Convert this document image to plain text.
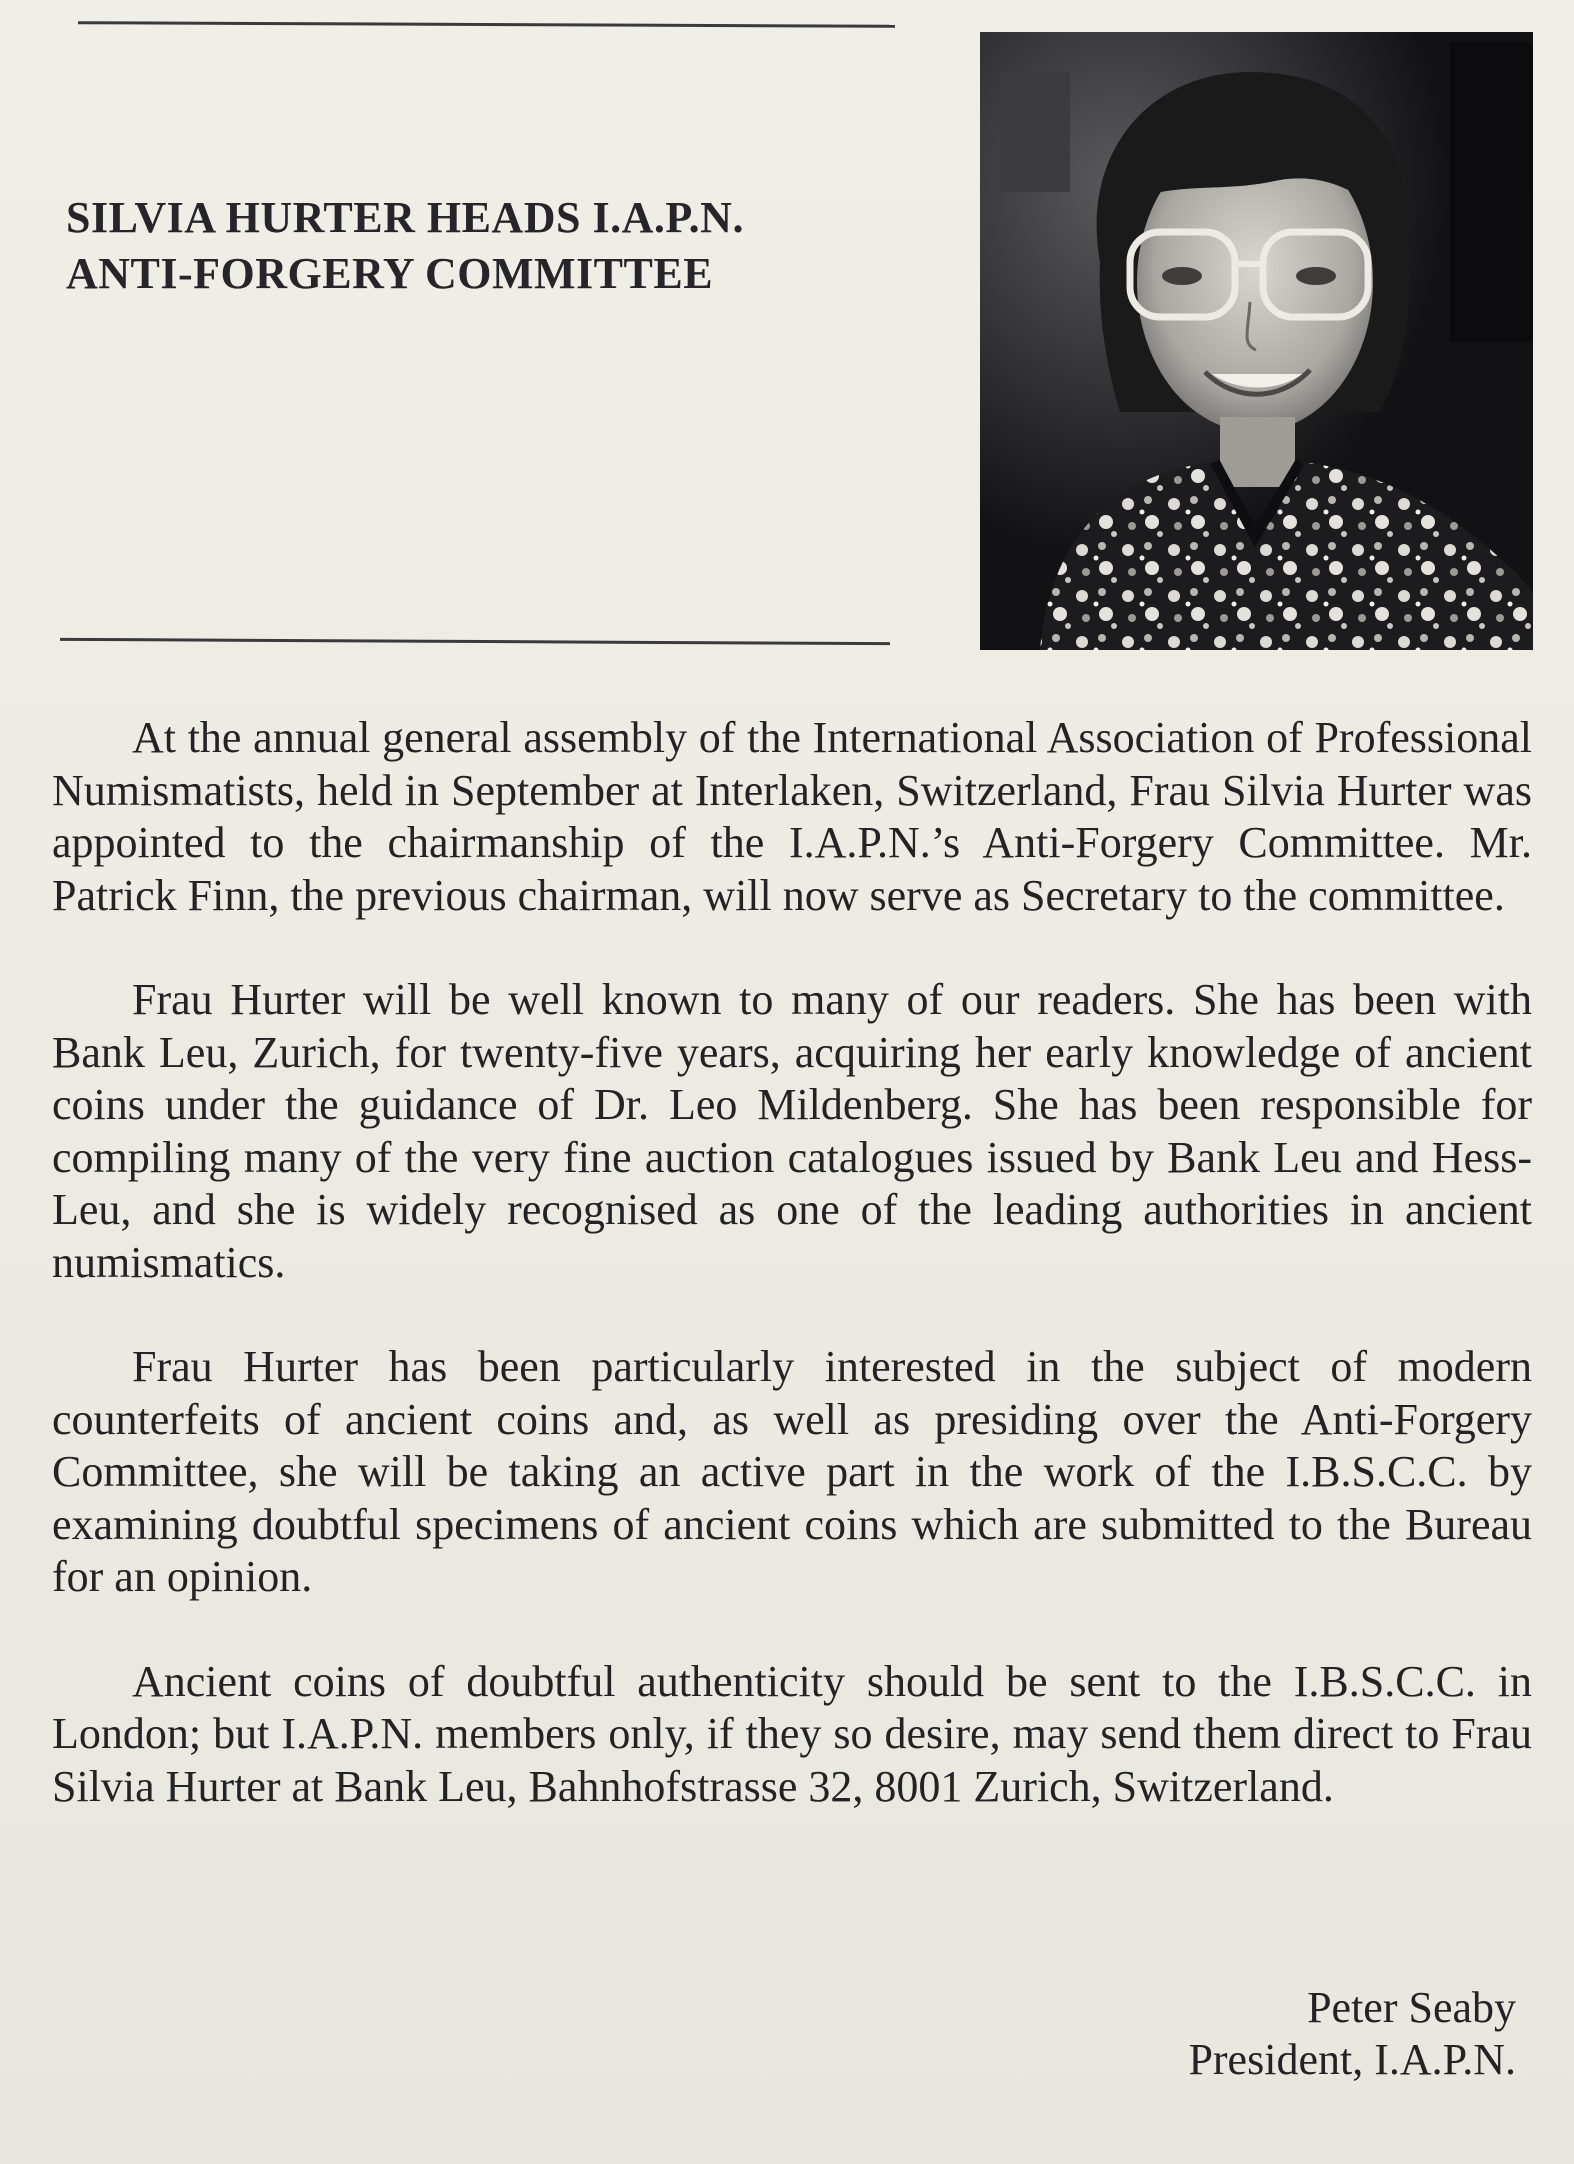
SILVIA HURTER HEADS I.A.P.N.
ANTI-FORGERY COMMITTEE

At the annual general assembly of the International Association of Professional Numismatists, held in September at Interlaken, Switzerland, Frau Silvia Hurter was appointed to the chairmanship of the I.A.P.N.’s Anti-Forgery Committee. Mr. Patrick Finn, the previous chairman, will now serve as Secretary to the committee.

Frau Hurter will be well known to many of our readers. She has been with Bank Leu, Zurich, for twenty-five years, acquiring her early knowledge of ancient coins under the guidance of Dr. Leo Mildenberg. She has been responsible for compiling many of the very fine auction catalogues issued by Bank Leu and Hess-Leu, and she is widely recognised as one of the leading authorities in ancient numismatics.

Frau Hurter has been particularly interested in the subject of modern counterfeits of ancient coins and, as well as presiding over the Anti-Forgery Committee, she will be taking an active part in the work of the I.B.S.C.C. by examining doubtful specimens of ancient coins which are submitted to the Bureau for an opinion.

Ancient coins of doubtful authenticity should be sent to the I.B.S.C.C. in London; but I.A.P.N. members only, if they so desire, may send them direct to Frau Silvia Hurter at Bank Leu, Bahnhofstrasse 32, 8001 Zurich, Switzerland.

Peter Seaby
President, I.A.P.N.
